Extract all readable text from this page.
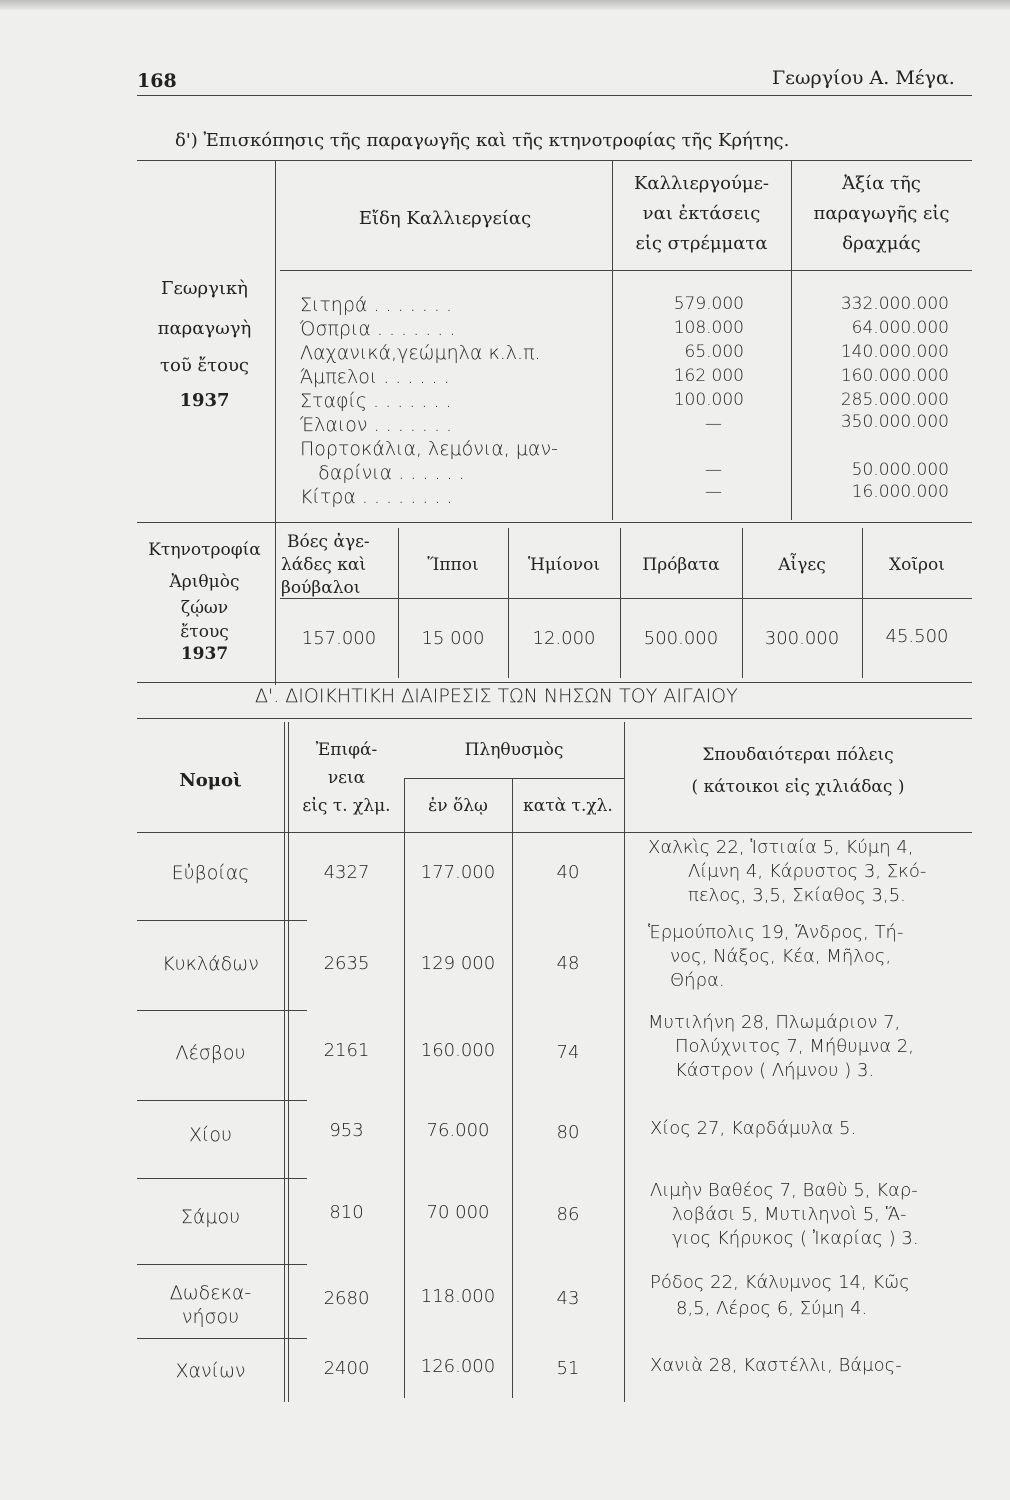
168	Γεωργίου Α. Μέγα.
δ') Ἐπισκόπησις τῆς παραγωγῆς καὶ τῆς κτηνοτροφίας τῆς Κρήτης.
Εἴδη Καλλιεργείας
Καλλιεργούμε-
ναι ἐκτάσεις
εἰς στρέμματα
Ἀξία τῆς
παραγωγῆς εἰς
δραχμάς
Γεωργικὴ
παραγωγὴ
τοῦ ἔτους
1937
Σιτηρά . . . . . . .	579.000	332.000.000
Όσπρια . . . . . . .	108.000	64.000.000
Λαχανικά,γεώμηλα κ.λ.π.	65.000	140.000.000
Άμπελοι . . . . . .	162 000	160.000.000
Σταφίς . . . . . . .	100.000	285.000.000
Έλαιον . . . . . . .	—	350.000.000
Πορτοκάλια, λεμόνια, μαν-
δαρίνια . . . . . .	—	50.000.000
Κίτρα . . . . . . . .	—	16.000.000
Κτηνοτροφία
Ἀριθμὸς
ζῴων
ἔτους
1937
Βόες ἀγε-
λάδες καὶ
βούβαλοι
Ἵπποι	Ἡμίονοι	Πρόβατα	Αἶγες	Χοῖροι
157.000	15 000	12.000	500.000	300.000	45.500
Δ'. ΔΙΟΙΚΗΤΙΚΗ ΔΙΑΙΡΕΣΙΣ ΤΩΝ ΝΗΣΩΝ ΤΟΥ ΑΙΓΑΙΟΥ
Νομοὶ
Ἐπιφά-
νεια
εἰς τ. χλμ.
Πληθυσμὸς
ἐν ὅλῳ	κατὰ τ.χλ.
Σπουδαιότεραι πόλεις
( κάτοικοι εἰς χιλιάδας )
Εὐβοίας	4327	177.000	40
Χαλκὶς 22, Ἱστιαία 5, Κύμη 4,
Λίμνη 4, Κάρυστος 3, Σκό-
πελος, 3,5, Σκίαθος 3,5.
Κυκλάδων	2635	129 000	48
Ἑρμούπολις 19, Ἄνδρος, Τή-
νος, Νάξος, Κέα, Μῆλος,
Θήρα.
Λέσβου	2161	160.000	74
Μυτιλήνη 28, Πλωμάριον 7,
Πολύχνιτος 7, Μήθυμνα 2,
Κάστρον ( Λήμνου ) 3.
Χίου	953	76.000	80	Χίος 27, Καρδάμυλα 5.
Σάμου	810	70 000	86
Λιμὴν Βαθέος 7, Βαθὺ 5, Καρ-
λοβάσι 5, Μυτιληνοὶ 5, Ἅ-
γιος Κήρυκος ( Ἰκαρίας ) 3.
Δωδεκα-
νήσου
2680	118.000	43
Ρόδος 22, Κάλυμνος 14, Κῶς
8,5, Λέρος 6, Σύμη 4.
Χανίων	2400	126.000	51	Χανιὰ 28, Καστέλλι, Βάμος-
